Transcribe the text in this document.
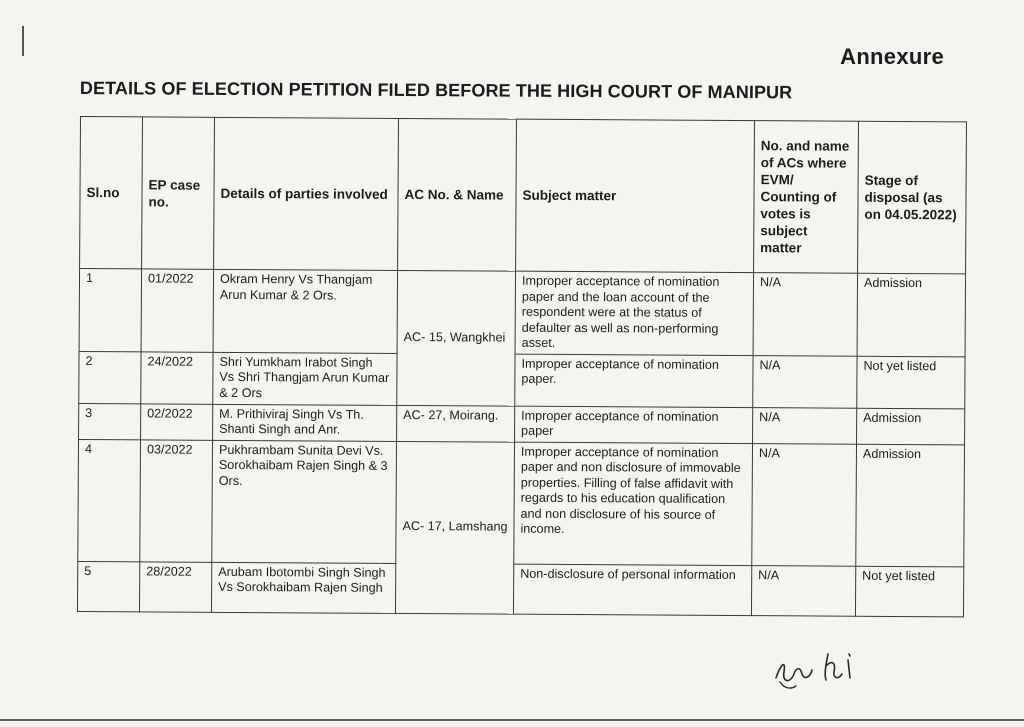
Annexure
DETAILS OF ELECTION PETITION FILED BEFORE THE HIGH COURT OF MANIPUR
Sl.no	EP case no.	Details of parties involved	AC No. & Name	Subject matter	No. and name of ACs where EVM/ Counting of votes is subject matter	Stage of disposal (as on 04.05.2022)
1	01/2022	Okram Henry Vs Thangjam Arun Kumar & 2 Ors.	AC- 15, Wangkhei	Improper acceptance of nomination paper and the loan account of the respondent were at the status of defaulter as well as non-performing asset.	N/A	Admission
2	24/2022	Shri Yumkham Irabot Singh Vs Shri Thangjam Arun Kumar & 2 Ors		Improper acceptance of nomination paper.	N/A	Not yet listed
3	02/2022	M. Prithiviraj Singh Vs Th. Shanti Singh and Anr.	AC- 27, Moirang.	Improper acceptance of nomination paper	N/A	Admission
4	03/2022	Pukhrambam Sunita Devi Vs. Sorokhaibam Rajen Singh & 3 Ors.	AC- 17, Lamshang	Improper acceptance of nomination paper and non disclosure of immovable properties. Filling of false affidavit with regards to his education qualification and non disclosure of his source of income.	N/A	Admission
5	28/2022	Arubam Ibotombi Singh Singh Vs Sorokhaibam Rajen Singh		Non-disclosure of personal information	N/A	Not yet listed
